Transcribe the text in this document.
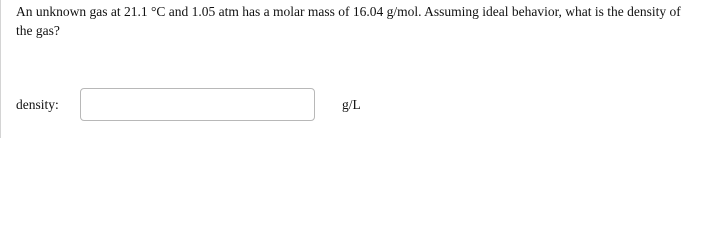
An unknown gas at 21.1 °C and 1.05 atm has a molar mass of 16.04 g/mol. Assuming ideal behavior, what is the density of the gas?

density:	g/L
